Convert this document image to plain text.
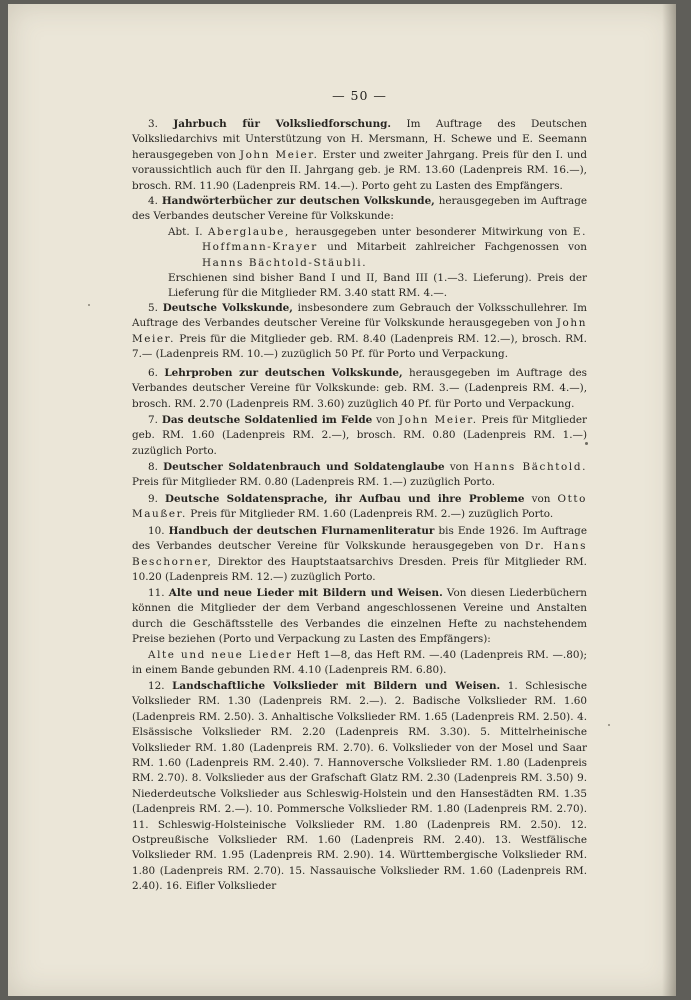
— 50 —

3. Jahrbuch für Volksliedforschung. Im Auftrage des Deutschen Volksliedarchivs mit Unterstützung von H. Mersmann, H. Schewe und E. Seemann herausgegeben von John Meier. Erster und zweiter Jahrgang. Preis für den I. und voraussichtlich auch für den II. Jahrgang geb. je RM. 13.60 (Ladenpreis RM. 16.—), brosch. RM. 11.90 (Ladenpreis RM. 14.—). Porto geht zu Lasten des Empfängers.

4. Handwörterbücher zur deutschen Volkskunde, herausgegeben im Auftrage des Verbandes deutscher Vereine für Volkskunde:

Abt. I. Aberglaube, herausgegeben unter besonderer Mitwirkung von E. Hoffmann-Krayer und Mitarbeit zahlreicher Fachgenossen von Hanns Bächtold-Stäubli.

Erschienen sind bisher Band I und II, Band III (1.—3. Lieferung). Preis der Lieferung für die Mitglieder RM. 3.40 statt RM. 4.—.

5. Deutsche Volkskunde, insbesondere zum Gebrauch der Volksschullehrer. Im Auftrage des Verbandes deutscher Vereine für Volkskunde herausgegeben von John Meier. Preis für die Mitglieder geb. RM. 8.40 (Ladenpreis RM. 12.—), brosch. RM. 7.— (Ladenpreis RM. 10.—) zuzüglich 50 Pf. für Porto und Verpackung.

6. Lehrproben zur deutschen Volkskunde, herausgegeben im Auftrage des Verbandes deutscher Vereine für Volkskunde: geb. RM. 3.— (Ladenpreis RM. 4.—), brosch. RM. 2.70 (Ladenpreis RM. 3.60) zuzüglich 40 Pf. für Porto und Verpackung.

7. Das deutsche Soldatenlied im Felde von John Meier. Preis für Mitglieder geb. RM. 1.60 (Ladenpreis RM. 2.—), brosch. RM. 0.80 (Ladenpreis RM. 1.—) zuzüglich Porto.

8. Deutscher Soldatenbrauch und Soldatenglaube von Hanns Bächtold. Preis für Mitglieder RM. 0.80 (Ladenpreis RM. 1.—) zuzüglich Porto.

9. Deutsche Soldatensprache, ihr Aufbau und ihre Probleme von Otto Maußer. Preis für Mitglieder RM. 1.60 (Ladenpreis RM. 2.—) zuzüglich Porto.

10. Handbuch der deutschen Flurnamenliteratur bis Ende 1926. Im Auftrage des Verbandes deutscher Vereine für Volkskunde herausgegeben von Dr. Hans Beschorner, Direktor des Hauptstaatsarchivs Dresden. Preis für Mitglieder RM. 10.20 (Ladenpreis RM. 12.—) zuzüglich Porto.

11. Alte und neue Lieder mit Bildern und Weisen. Von diesen Liederbüchern können die Mitglieder der dem Verband angeschlossenen Vereine und Anstalten durch die Geschäftsstelle des Verbandes die einzelnen Hefte zu nachstehendem Preise beziehen (Porto und Verpackung zu Lasten des Empfängers):

Alte und neue Lieder Heft 1—8, das Heft RM. —.40 (Ladenpreis RM. —.80); in einem Bande gebunden RM. 4.10 (Ladenpreis RM. 6.80).

12. Landschaftliche Volkslieder mit Bildern und Weisen. 1. Schlesische Volkslieder RM. 1.30 (Ladenpreis RM. 2.—). 2. Badische Volkslieder RM. 1.60 (Ladenpreis RM. 2.50). 3. Anhaltische Volkslieder RM. 1.65 (Ladenpreis RM. 2.50). 4. Elsässische Volkslieder RM. 2.20 (Ladenpreis RM. 3.30). 5. Mittelrheinische Volkslieder RM. 1.80 (Ladenpreis RM. 2.70). 6. Volkslieder von der Mosel und Saar RM. 1.60 (Ladenpreis RM. 2.40). 7. Hannoversche Volkslieder RM. 1.80 (Ladenpreis RM. 2.70). 8. Volkslieder aus der Grafschaft Glatz RM. 2.30 (Ladenpreis RM. 3.50) 9. Niederdeutsche Volkslieder aus Schleswig-Holstein und den Hansestädten RM. 1.35 (Ladenpreis RM. 2.—). 10. Pommersche Volkslieder RM. 1.80 (Ladenpreis RM. 2.70). 11. Schleswig-Holsteinische Volkslieder RM. 1.80 (Ladenpreis RM. 2.50). 12. Ostpreußische Volkslieder RM. 1.60 (Ladenpreis RM. 2.40). 13. Westfälische Volkslieder RM. 1.95 (Ladenpreis RM. 2.90). 14. Württembergische Volkslieder RM. 1.80 (Ladenpreis RM. 2.70). 15. Nassauische Volkslieder RM. 1.60 (Ladenpreis RM. 2.40). 16. Eifler Volkslieder
